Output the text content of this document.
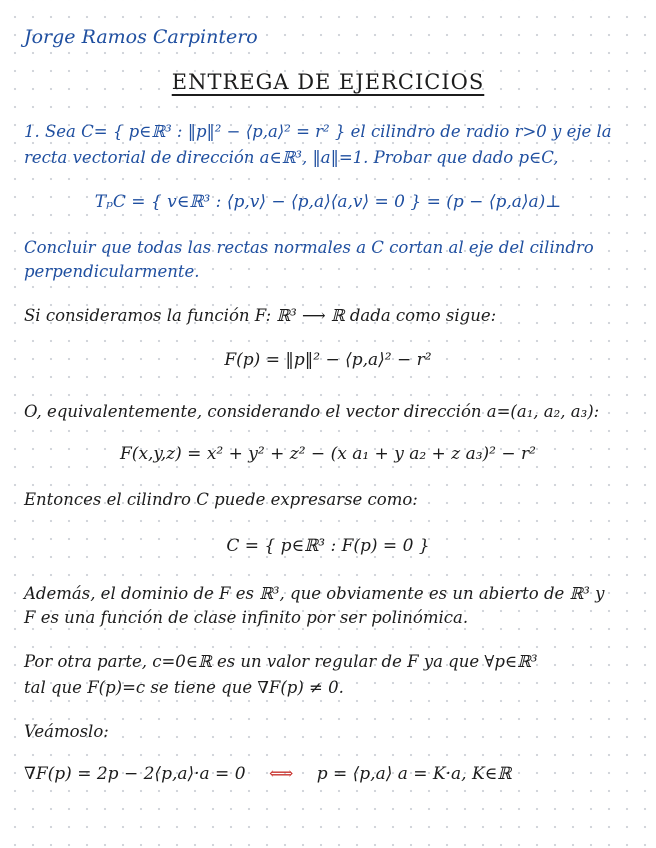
Jorge Ramos Carpintero
ENTREGA DE EJERCICIOS
1. Sea C= { p∈ℝ³ : ‖p‖² − ⟨p,a⟩² = r² } el cilindro de radio r>0 y eje la
recta vectorial de dirección a∈ℝ³, ‖a‖=1. Probar que dado p∈C,
TₚC = { v∈ℝ³ : ⟨p,v⟩ − ⟨p,a⟩⟨a,v⟩ = 0 } = (p − ⟨p,a⟩a)⊥
Concluir que todas las rectas normales a C cortan al eje del cilindro
perpendicularmente.
Si consideramos la función F: ℝ³ ⟶ ℝ dada como sigue:
F(p) = ‖p‖² − ⟨p,a⟩² − r²
O, equivalentemente, considerando el vector dirección a=(a₁, a₂, a₃):
F(x,y,z) = x² + y² + z² − (x a₁ + y a₂ + z a₃)² − r²
Entonces el cilindro C puede expresarse como:
C = { p∈ℝ³ : F(p) = 0 }
Además, el dominio de F es ℝ³, que obviamente es un abierto de ℝ³ y
F es una función de clase infinito por ser polinómica.
Por otra parte, c=0∈ℝ es un valor regular de F ya que ∀p∈ℝ³
tal que F(p)=c se tiene que ∇F(p) ≠ 0.
Veámoslo:
∇F(p) = 2p − 2⟨p,a⟩·a = 0 ⟺ p = ⟨p,a⟩ a = K·a, K∈ℝ
